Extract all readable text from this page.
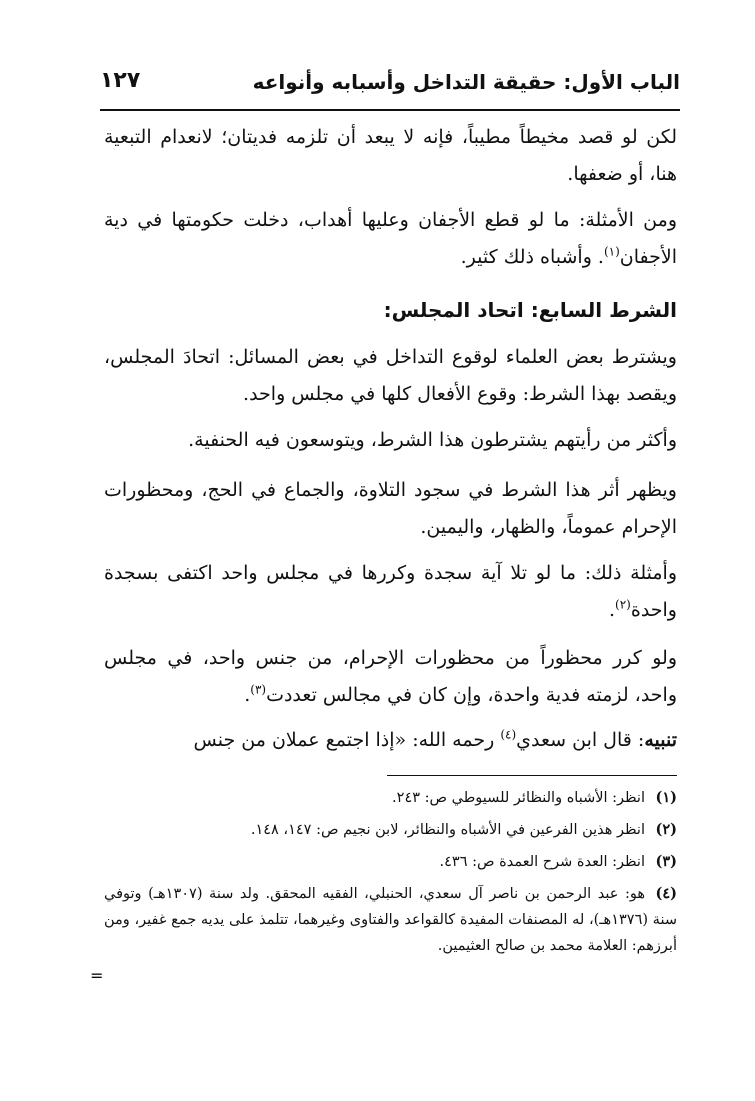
الباب الأول: حقيقة التداخل وأسبابه وأنواعه
١٢٧
لكن لو قصد مخيطاً مطيباً، فإنه لا يبعد أن تلزمه فديتان؛ لانعدام التبعية هنا، أو ضعفها.
ومن الأمثلة: ما لو قطع الأجفان وعليها أهداب، دخلت حكومتها في دية الأجفان$^{(١)}$. وأشباه ذلك كثير.
الشرط السابع: اتحاد المجلس:
ويشترط بعض العلماء لوقوع التداخل في بعض المسائل: اتحادَ المجلس، ويقصد بهذا الشرط: وقوع الأفعال كلها في مجلس واحد.
وأكثر من رأيتهم يشترطون هذا الشرط، ويتوسعون فيه الحنفية.
ويظهر أثر هذا الشرط في سجود التلاوة، والجماع في الحج، ومحظورات الإحرام عموماً، والظهار، واليمين.
وأمثلة ذلك: ما لو تلا آية سجدة وكررها في مجلس واحد اكتفى بسجدة واحدة$^{(٢)}$.
ولو كرر محظوراً من محظورات الإحرام، من جنس واحد، في مجلس واحد، لزمته فدية واحدة، وإن كان في مجالس تعددت$^{(٣)}$.
تنبيه: قال ابن سعدي$^{(٤)}$ رحمه الله: «إذا اجتمع عملان من جنس
(١)انظر: الأشباه والنظائر للسيوطي ص: ٢٤٣.
(٢)انظر هذين الفرعين في الأشباه والنظائر، لابن نجيم ص: ١٤٧، ١٤٨.
(٣)انظر: العدة شرح العمدة ص: ٤٣٦.
(٤)هو: عبد الرحمن بن ناصر آل سعدي، الحنبلي، الفقيه المحقق. ولد سنة (١٣٠٧هـ) وتوفي سنة (١٣٧٦هـ)، له المصنفات المفيدة كالقواعد والفتاوى وغيرهما، تتلمذ على يديه جمع غفير، ومن أبرزهم: العلامة محمد بن صالح العثيمين.
=
